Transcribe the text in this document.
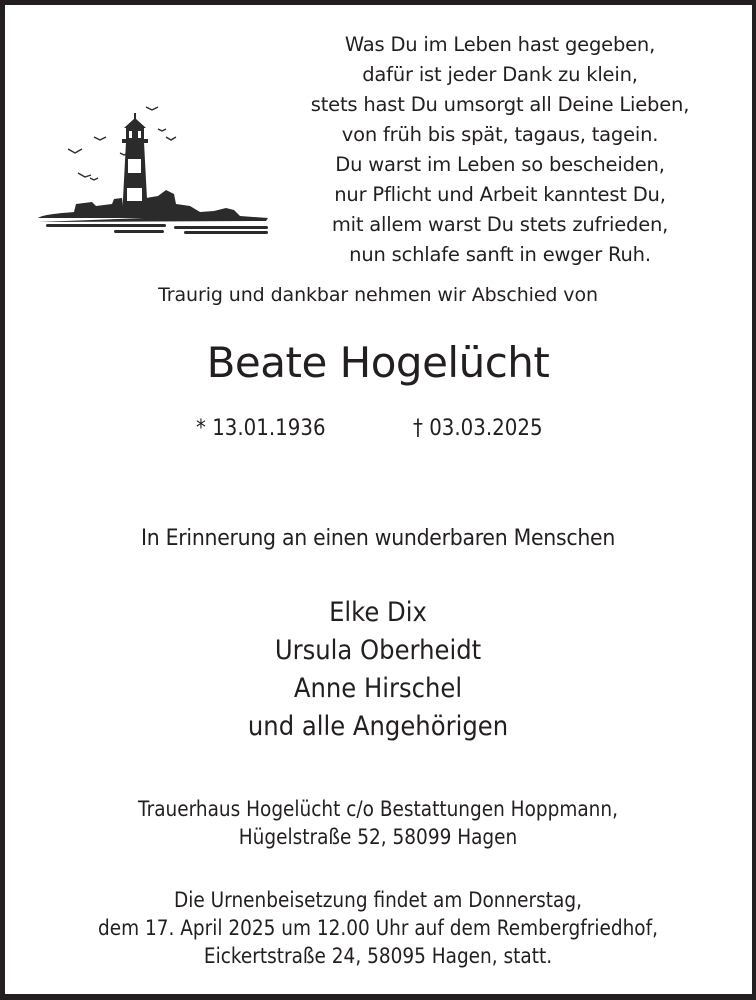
Was Du im Leben hast gegeben,
dafür ist jeder Dank zu klein,
stets hast Du umsorgt all Deine Lieben,
von früh bis spät, tagaus, tagein.
Du warst im Leben so bescheiden,
nur Pflicht und Arbeit kanntest Du,
mit allem warst Du stets zufrieden,
nun schlafe sanft in ewger Ruh.
Traurig und dankbar nehmen wir Abschied von
Beate Hogelücht
* 13.01.1936	† 03.03.2025
In Erinnerung an einen wunderbaren Menschen
Elke Dix
Ursula Oberheidt
Anne Hirschel
und alle Angehörigen
Trauerhaus Hogelücht c/o Bestattungen Hoppmann,
Hügelstraße 52, 58099 Hagen
Die Urnenbeisetzung findet am Donnerstag,
dem 17. April 2025 um 12.00 Uhr auf dem Rembergfriedhof,
Eickertstraße 24, 58095 Hagen, statt.
